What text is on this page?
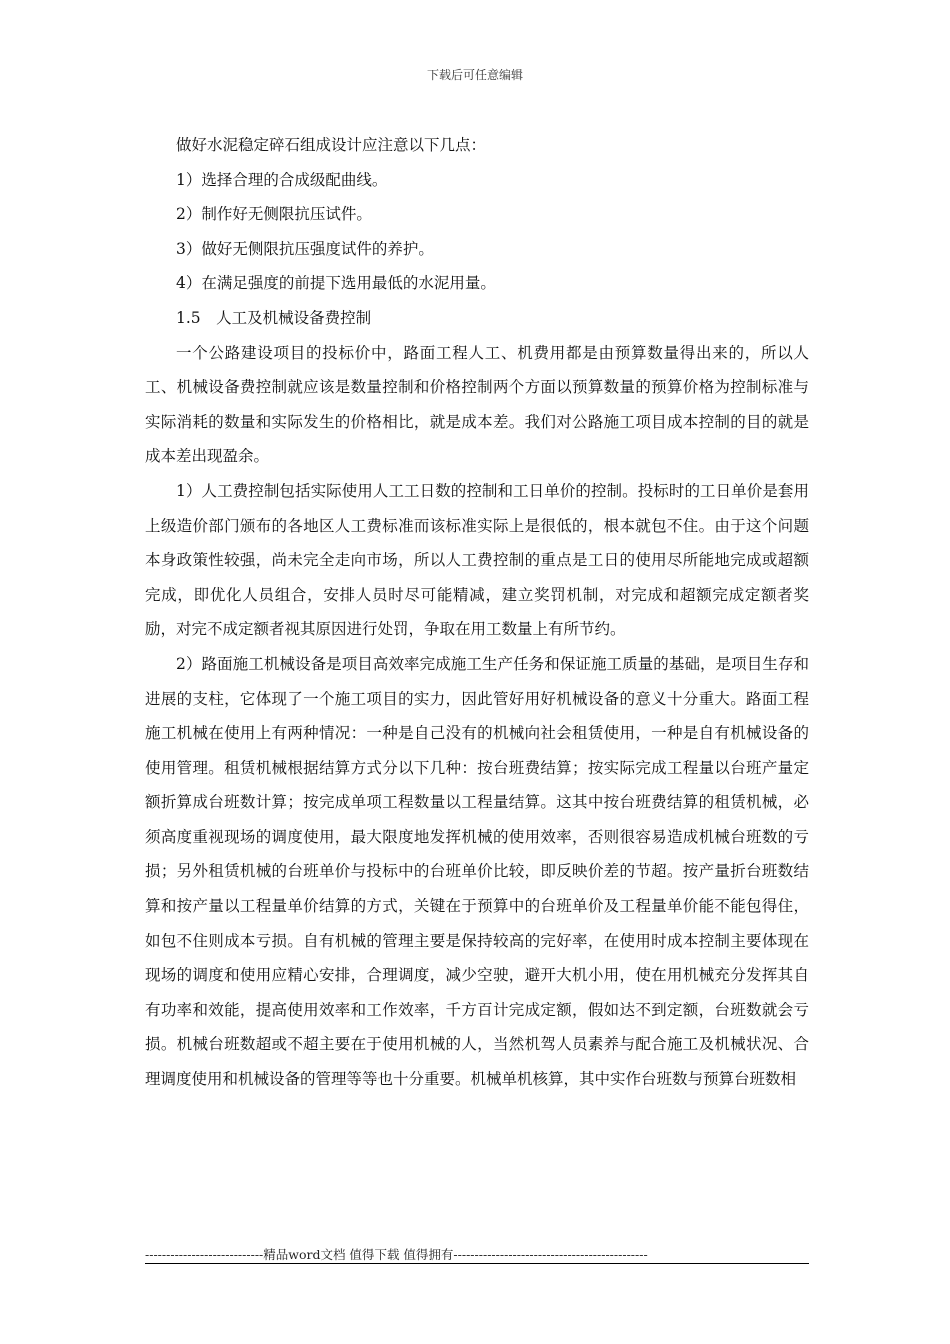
下载后可任意编辑

做好水泥稳定碎石组成设计应注意以下几点：

1）选择合理的合成级配曲线。

2）制作好无侧限抗压试件。

3）做好无侧限抗压强度试件的养护。

4）在满足强度的前提下选用最低的水泥用量。

1.5　人工及机械设备费控制

一个公路建设项目的投标价中，路面工程人工、机费用都是由预算数量得出来的，所以人工、机械设备费控制就应该是数量控制和价格控制两个方面以预算数量的预算价格为控制标准与实际消耗的数量和实际发生的价格相比，就是成本差。我们对公路施工项目成本控制的目的就是成本差出现盈余。

1）人工费控制包括实际使用人工工日数的控制和工日单价的控制。投标时的工日单价是套用上级造价部门颁布的各地区人工费标准而该标准实际上是很低的，根本就包不住。由于这个问题本身政策性较强，尚未完全走向市场，所以人工费控制的重点是工日的使用尽所能地完成或超额完成，即优化人员组合，安排人员时尽可能精减，建立奖罚机制，对完成和超额完成定额者奖励，对完不成定额者视其原因进行处罚，争取在用工数量上有所节约。

2）路面施工机械设备是项目高效率完成施工生产任务和保证施工质量的基础，是项目生存和进展的支柱，它体现了一个施工项目的实力，因此管好用好机械设备的意义十分重大。路面工程施工机械在使用上有两种情况：一种是自己没有的机械向社会租赁使用，一种是自有机械设备的使用管理。租赁机械根据结算方式分以下几种：按台班费结算；按实际完成工程量以台班产量定额折算成台班数计算；按完成单项工程数量以工程量结算。这其中按台班费结算的租赁机械，必须高度重视现场的调度使用，最大限度地发挥机械的使用效率，否则很容易造成机械台班数的亏损；另外租赁机械的台班单价与投标中的台班单价比较，即反映价差的节超。按产量折台班数结算和按产量以工程量单价结算的方式，关键在于预算中的台班单价及工程量单价能不能包得住，如包不住则成本亏损。自有机械的管理主要是保持较高的完好率，在使用时成本控制主要体现在现场的调度和使用应精心安排，合理调度，减少空驶，避开大机小用，使在用机械充分发挥其自有功率和效能，提高使用效率和工作效率，千方百计完成定额，假如达不到定额，台班数就会亏损。机械台班数超或不超主要在于使用机械的人，当然机驾人员素养与配合施工及机械状况、合理调度使用和机械设备的管理等等也十分重要。机械单机核算，其中实作台班数与预算台班数相

----------------------------精品word文档 值得下载 值得拥有----------------------------------------------
